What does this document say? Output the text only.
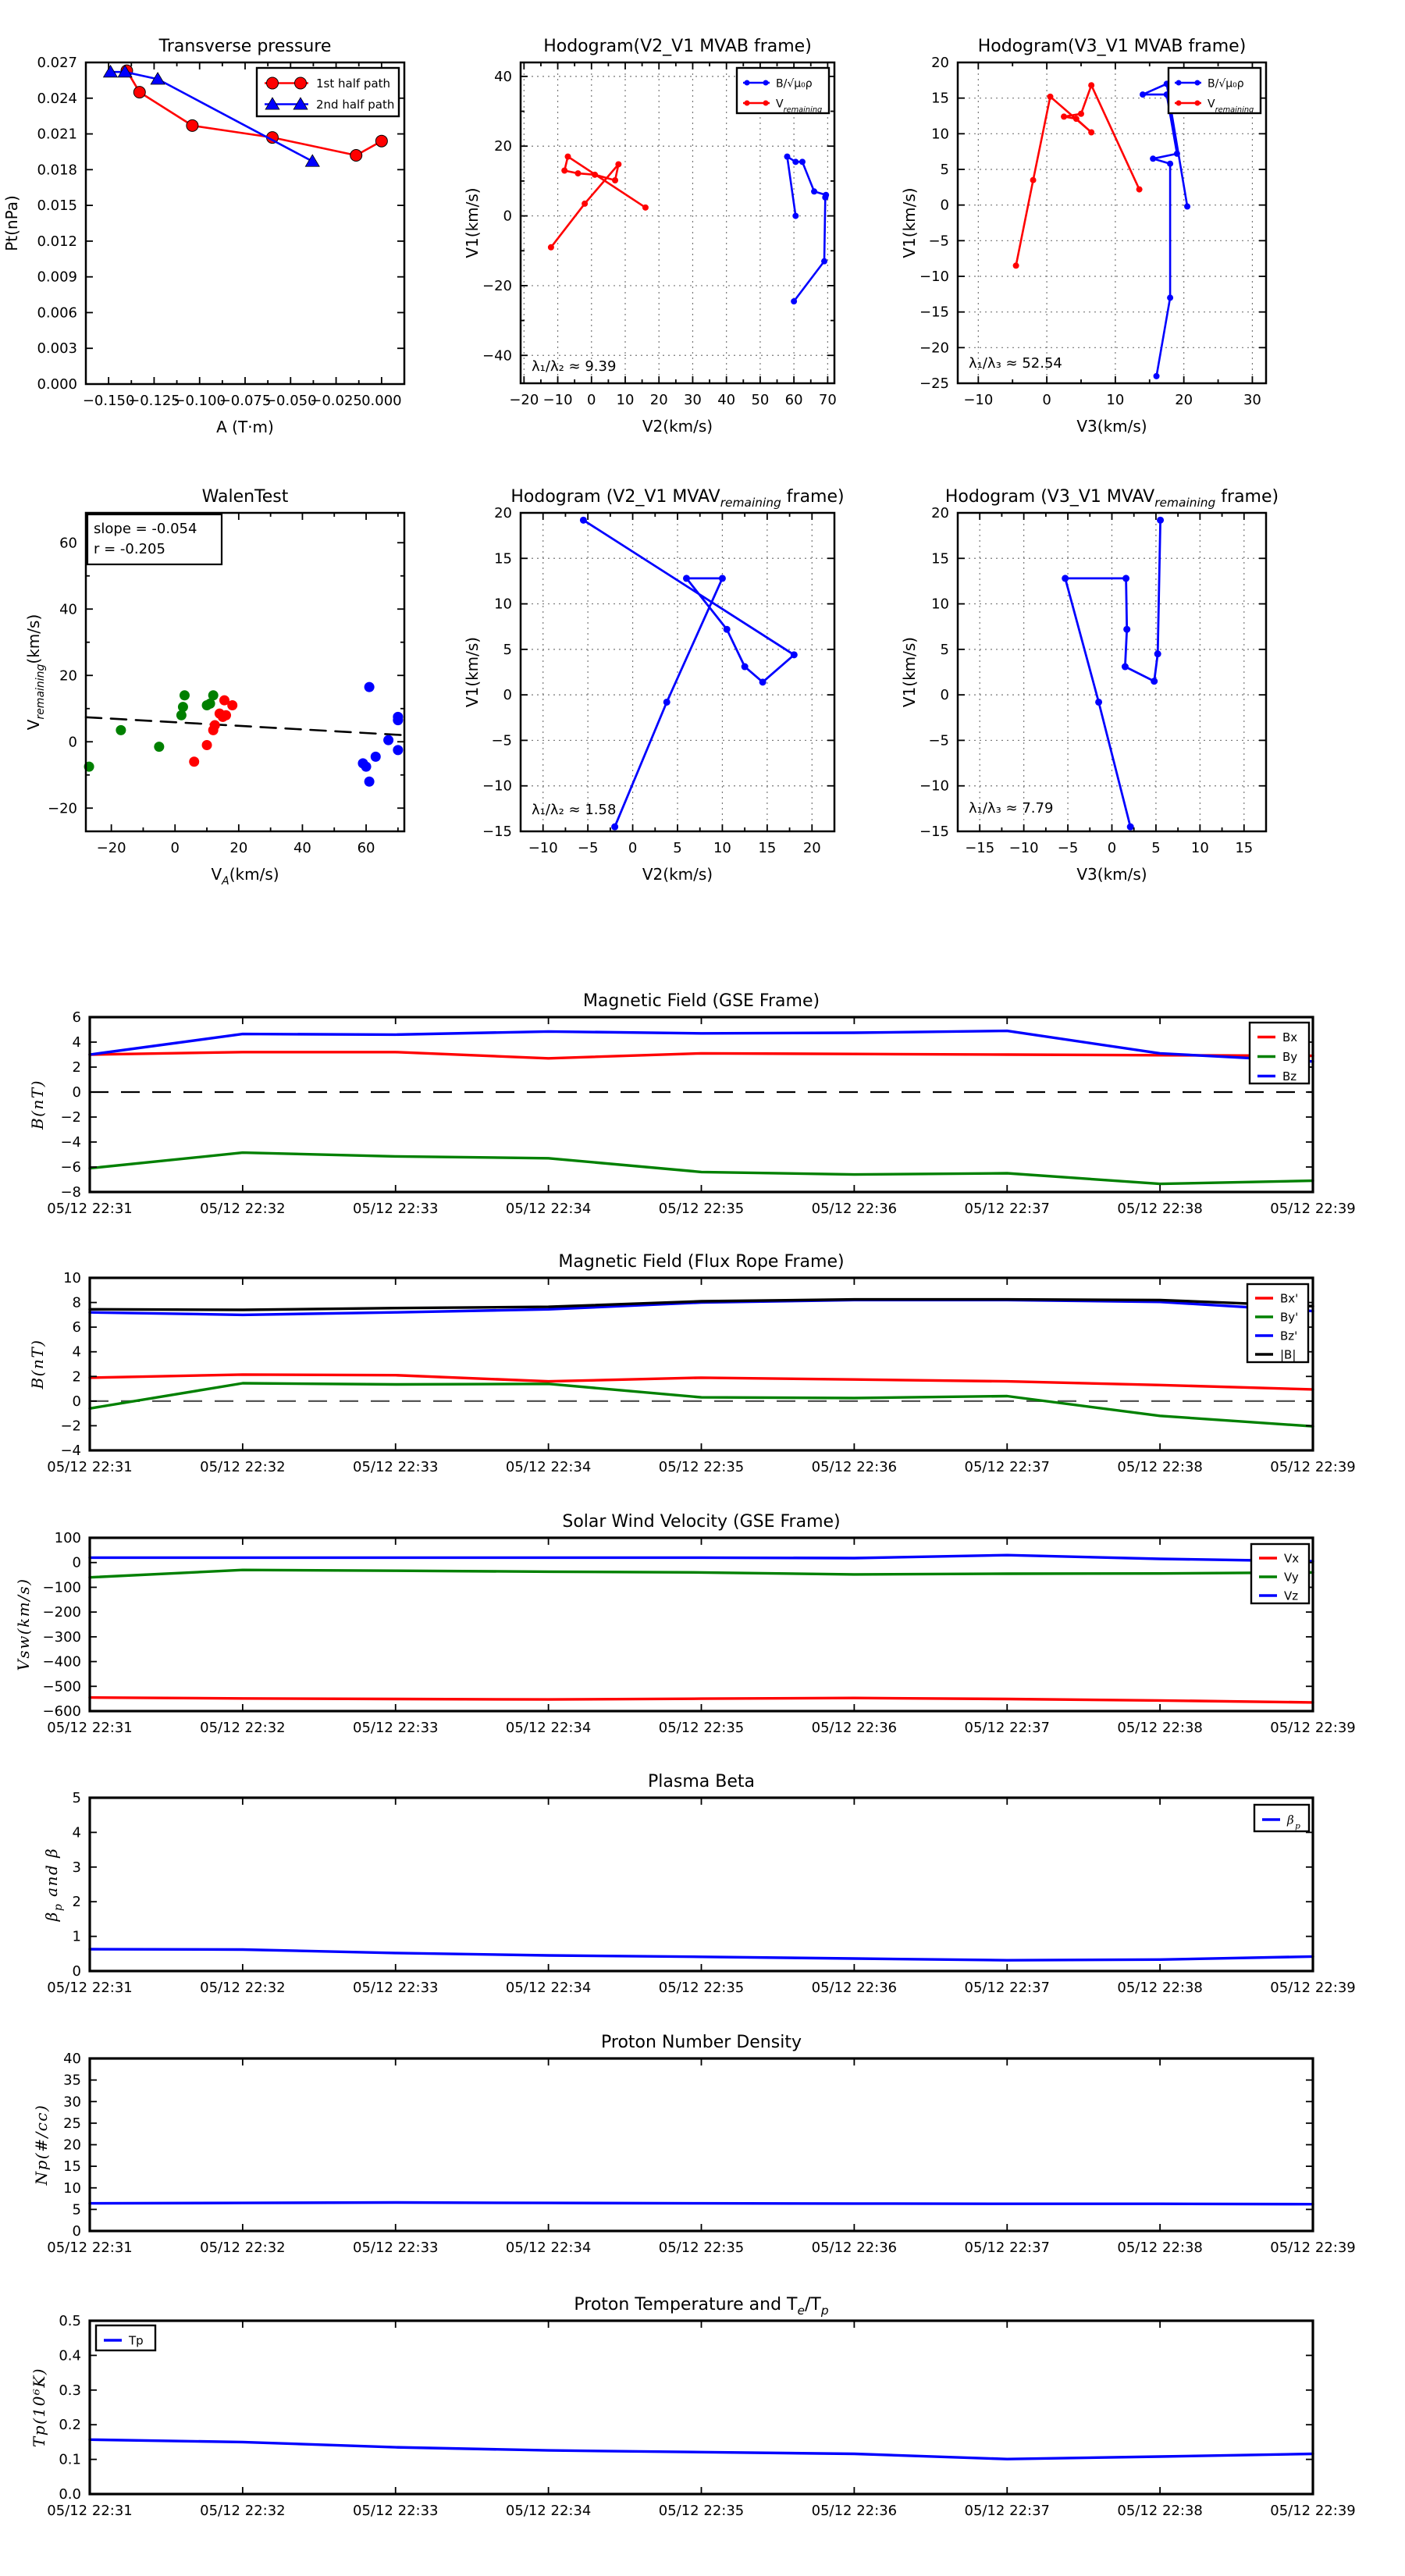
−0.150
−0.125
−0.100
−0.075
−0.050
−0.025 0.000
0.000
0.003
0.006
0.009
0.012
0.015
0.018
0.021
0.024
0.027
Transverse pressure
A (T·m)
Pt(nPa)
1st half path
2nd half path
−20 −10 0 10 20 30 40 50 60 70
−40
−20
0
20
40
Hodogram(V2_V1 MVAB frame)
V2(km/s)
V1(km/s)
B/√μ₀ρ
$V_{remaining}$
λ₁/λ₂ ≈ 9.39
−10	0	10	20	30
−25
−20
−15
−10
−5
0
5
10
15
20
Hodogram(V3_V1 MVAB frame)
V3(km/s)
V1(km/s)
B/√μ₀ρ
$V_{remaining}$
λ₁/λ₃ ≈ 52.54
−20	0	20	40	60
−20
0
20
40
60
WalenTest
$V_A(km/s)$
$V_{remaining}(km/s)$
slope = -0.054
r = -0.205
−10 −5 0	5 10 15 20
−15
−10
−5
0
5
10
15
20
Hodogram (V2_V1 $MVAV_{remaining}$ frame)
V2(km/s)
V1(km/s)
λ₁/λ₂ ≈ 1.58
−15 −10 −5 0 5 10 15
−15
−10
−5
0
5
10
15
20
Hodogram (V3_V1 $MVAV_{remaining}$ frame)
V3(km/s)
V1(km/s)
λ₁/λ₃ ≈ 7.79
05/12 22:31	05/12 22:32	05/12 22:33	05/12 22:34	05/12 22:35	05/12 22:36	05/12 22:37	05/12 22:38	05/12 22:39
−8
−6
−4
−2
0
2
4
6
Magnetic Field (GSE Frame)
B(nT)
Bx
By
Bz
05/12 22:31	05/12 22:32	05/12 22:33	05/12 22:34	05/12 22:35	05/12 22:36	05/12 22:37	05/12 22:38	05/12 22:39
−4
−2
0
2
4
6
8
10
Magnetic Field (Flux Rope Frame)
B(nT)
Bx'
By'
Bz'
|B|
05/12 22:31	05/12 22:32	05/12 22:33	05/12 22:34	05/12 22:35	05/12 22:36	05/12 22:37	05/12 22:38	05/12 22:39
−600
−500
−400
−300
−200
−100
0
100
Solar Wind Velocity (GSE Frame)
Vsw(km/s)
Vx
Vy
Vz
05/12 22:31	05/12 22:32	05/12 22:33	05/12 22:34	05/12 22:35	05/12 22:36	05/12 22:37	05/12 22:38	05/12 22:39
0
1
2
3
4
5
Plasma Beta
$\beta_p$ and β
$\beta_p$
05/12 22:31	05/12 22:32	05/12 22:33	05/12 22:34	05/12 22:35	05/12 22:36	05/12 22:37	05/12 22:38	05/12 22:39
0
5
10
15
20
25
30
35
40
Proton Number Density
Np(#/cc)
05/12 22:31	05/12 22:32	05/12 22:33	05/12 22:34	05/12 22:35	05/12 22:36	05/12 22:37	05/12 22:38	05/12 22:39
0.0
0.1
0.2
0.3
0.4
0.5
Proton Temperature and $T_e/T_p$
Tp(10⁶K)
Tp
